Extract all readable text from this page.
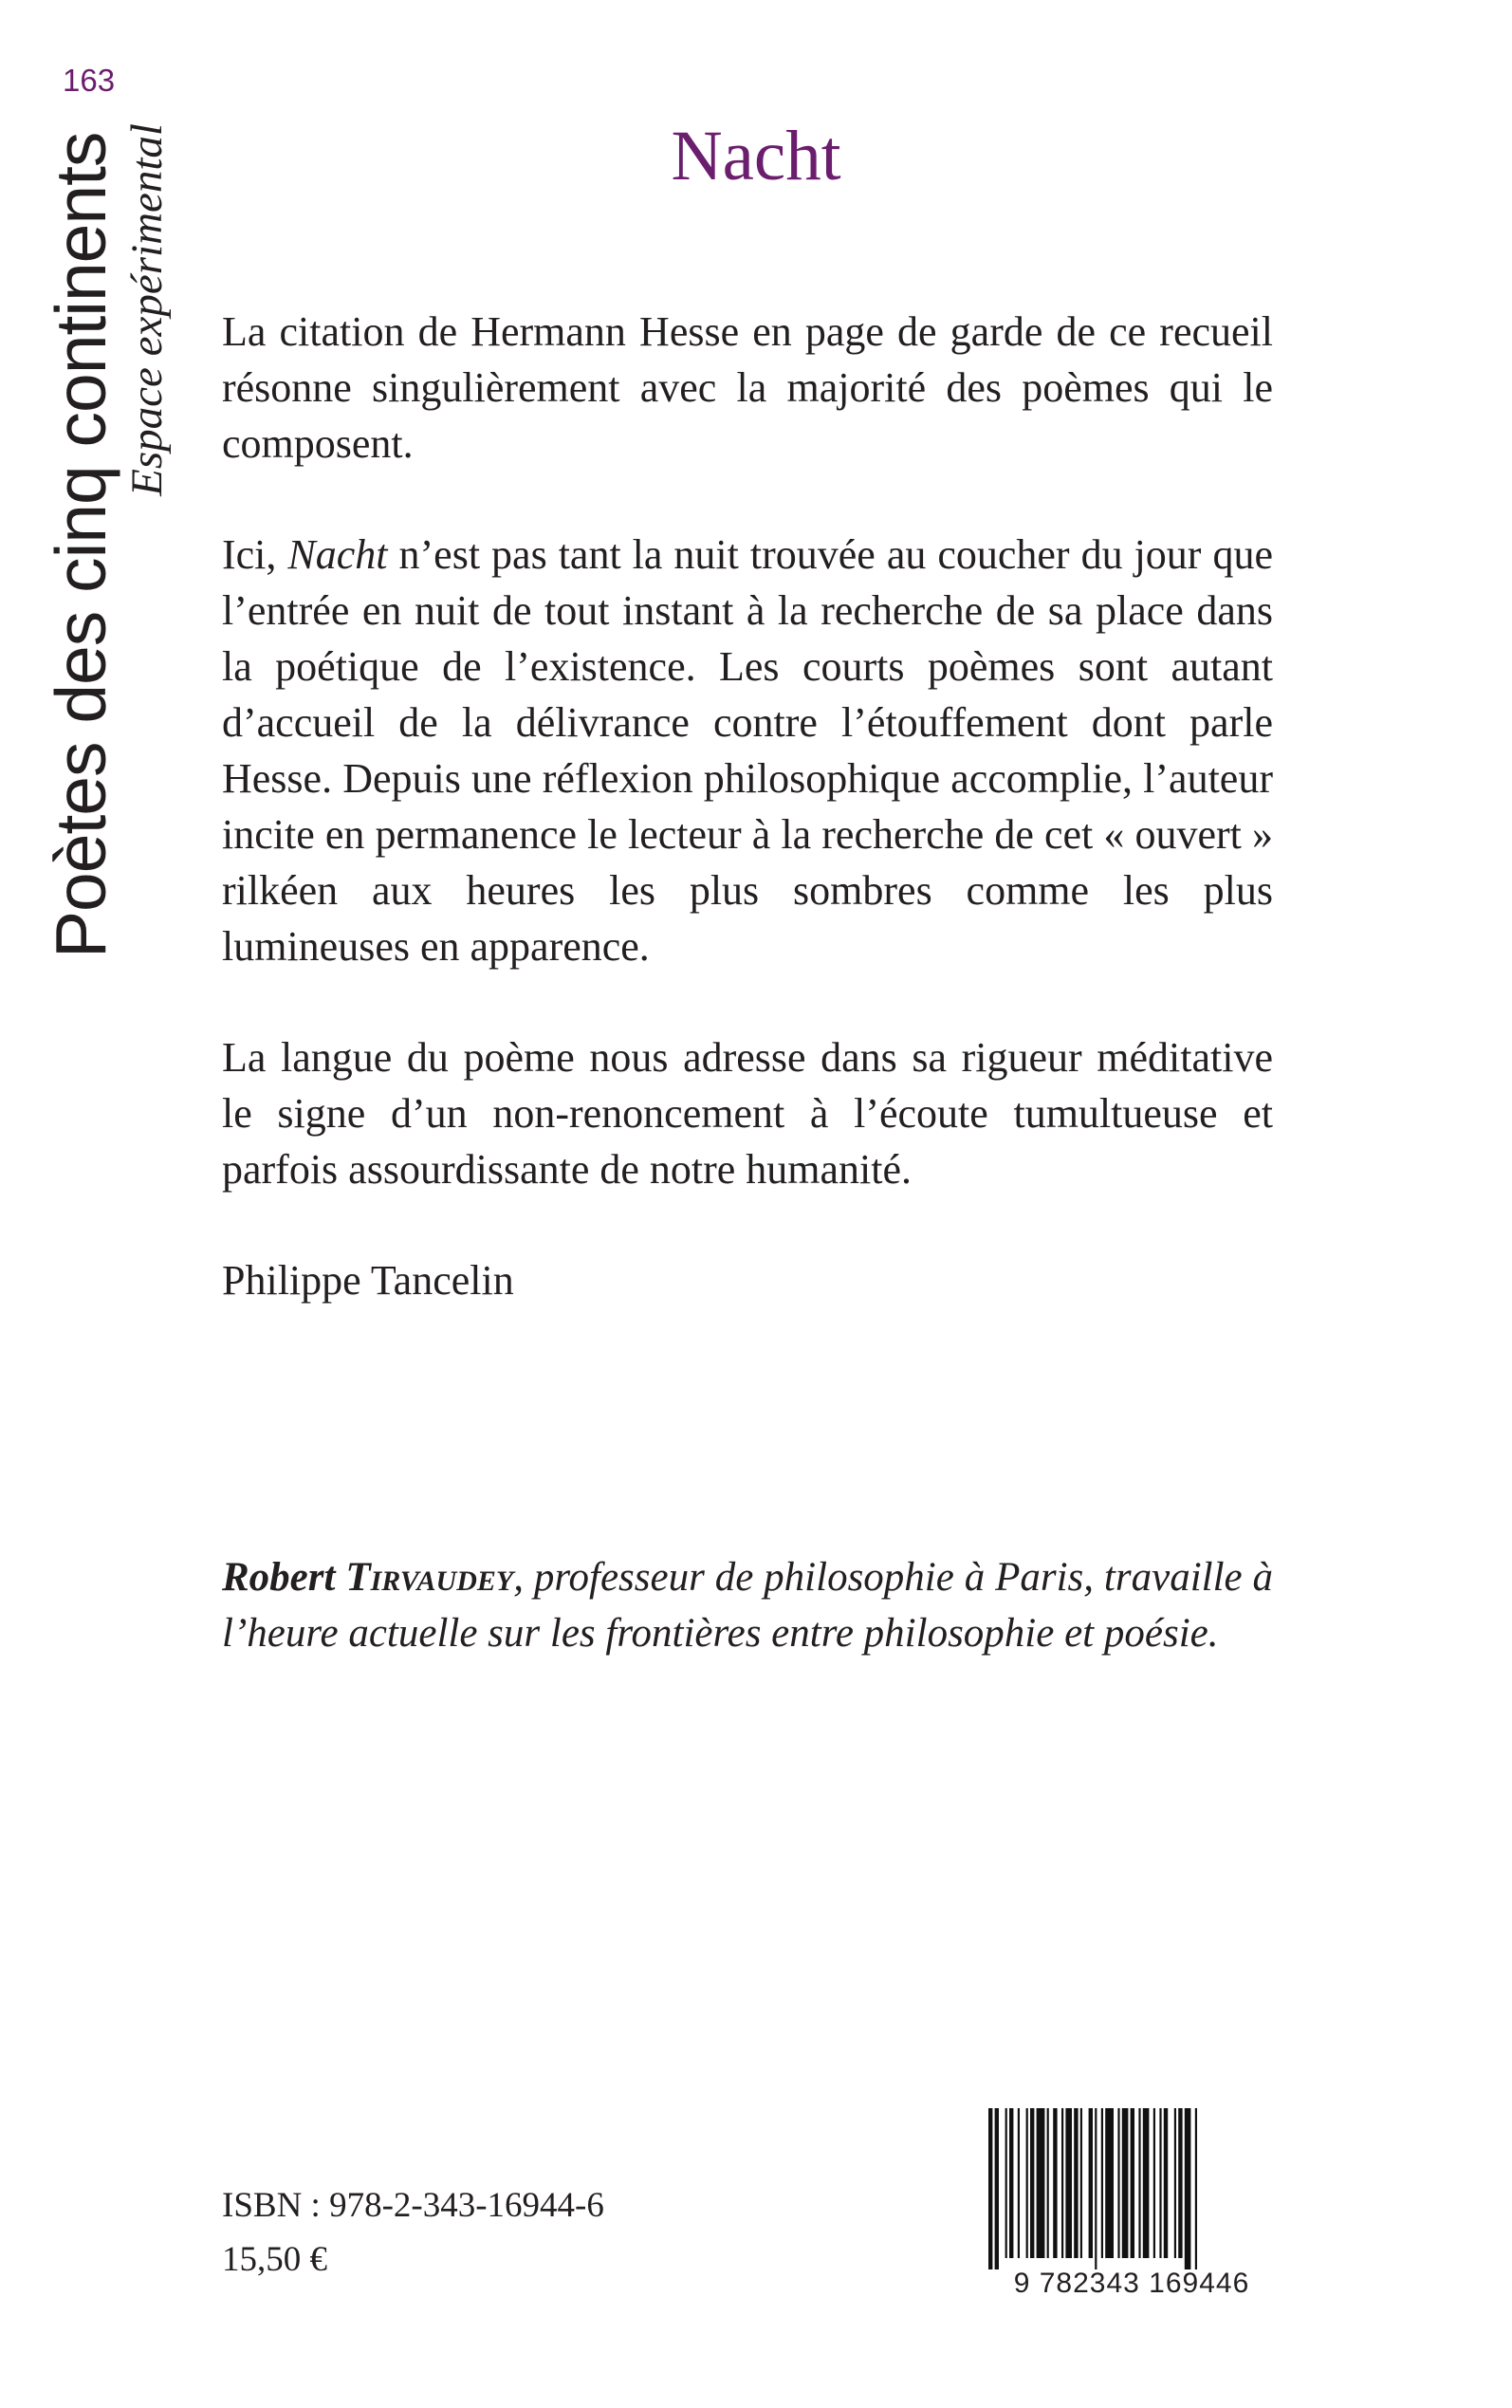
163
Poètes des cinq continents Espace expérimental	Nacht

La citation de Hermann Hesse en page de garde de ce recueil résonne singulièrement avec la majorité des poèmes qui le composent.

Ici, Nacht n’est pas tant la nuit trouvée au coucher du jour que l’entrée en nuit de tout instant à la recherche de sa place dans la poétique de l’existence. Les courts poèmes sont autant d’accueil de la délivrance contre l’étouffement dont parle Hesse. Depuis une réflexion philosophique accomplie, l’auteur incite en permanence le lecteur à la recherche de cet « ouvert » rilkéen aux heures les plus sombres comme les plus lumineuses en apparence.

La langue du poème nous adresse dans sa rigueur méditative le signe d’un non-renoncement à l’écoute tumultueuse et parfois assourdissante de notre humanité.

Philippe Tancelin

Robert Tirvaudey, professeur de philosophie à Paris, travaille à l’heure actuelle sur les frontières entre philosophie et poésie.

ISBN : 978-2-343-16944-6
15,50 €
9 782343 169446
